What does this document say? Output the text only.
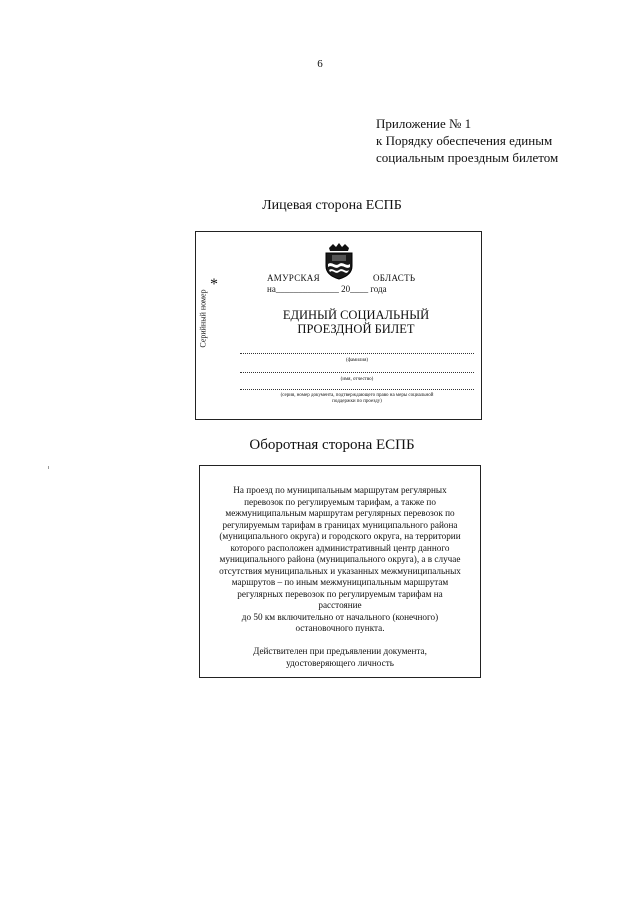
6
Приложение № 1
к Порядку обеспечения единым
социальным проездным билетом
Лицевая сторона ЕСПБ
Серийный номер
*	АМУРСКАЯ	ОБЛАСТЬ
на______________ 20____ года
ЕДИНЫЙ СОЦИАЛЬНЫЙ
ПРОЕЗДНОЙ БИЛЕТ
(фамилия)
(имя, отчество)
(серия, номер документа, подтверждающего право на меры социальной
поддержки по проезду)
Оборотная сторона ЕСПБ
На проезд по муниципальным маршрутам регулярных
перевозок по регулируемым тарифам, а также по
межмуниципальным маршрутам регулярных перевозок по
регулируемым тарифам в границах муниципального района
(муниципального округа) и городского округа, на территории
которого расположен административный центр данного
муниципального района (муниципального округа), а в случае
отсутствия муниципальных и указанных межмуниципальных
маршрутов – по иным межмуниципальным маршрутам
регулярных перевозок по регулируемым тарифам на
расстояние
до 50 км включительно от начального (конечного)
остановочного пункта.
Действителен при предъявлении документа,
удостоверяющего личность
